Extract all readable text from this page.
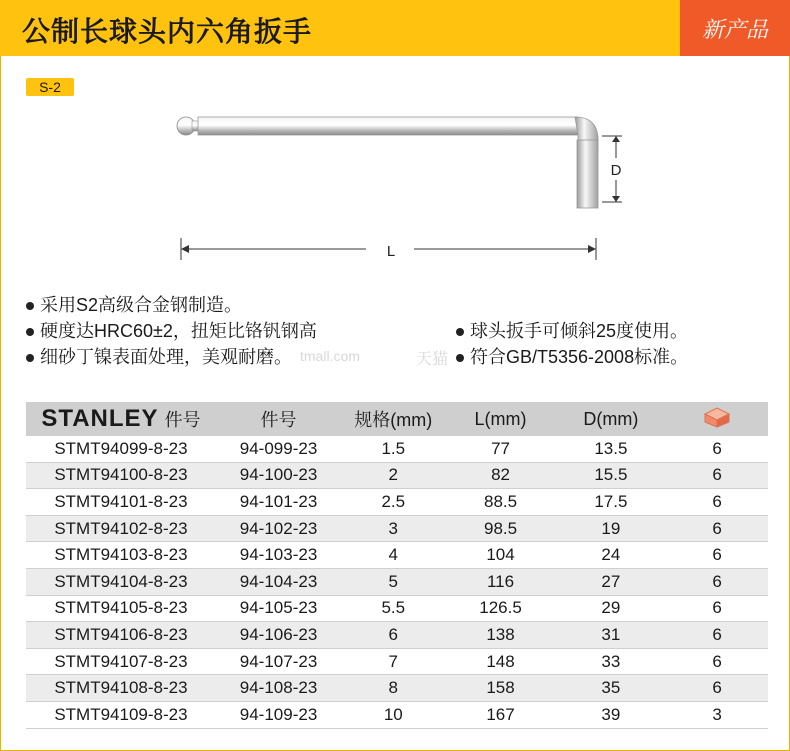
公制长球头内六角扳手	新产品
S-2
D
L
采用S2高级合金钢制造。
硬度达HRC60±2，扭矩比铬钒钢高
细砂丁镍表面处理，美观耐磨。
球头扳手可倾斜25度使用。
符合GB/T5356-2008标准。
tmall.com	天猫
STANLEY 件号	件号	规格(mm)	L(mm)	D(mm)	
STMT94099-8-23	94-099-23	1.5	77	13.5	6
STMT94100-8-23	94-100-23	2	82	15.5	6
STMT94101-8-23	94-101-23	2.5	88.5	17.5	6
STMT94102-8-23	94-102-23	3	98.5	19	6
STMT94103-8-23	94-103-23	4	104	24	6
STMT94104-8-23	94-104-23	5	116	27	6
STMT94105-8-23	94-105-23	5.5	126.5	29	6
STMT94106-8-23	94-106-23	6	138	31	6
STMT94107-8-23	94-107-23	7	148	33	6
STMT94108-8-23	94-108-23	8	158	35	6
STMT94109-8-23	94-109-23	10	167	39	3
